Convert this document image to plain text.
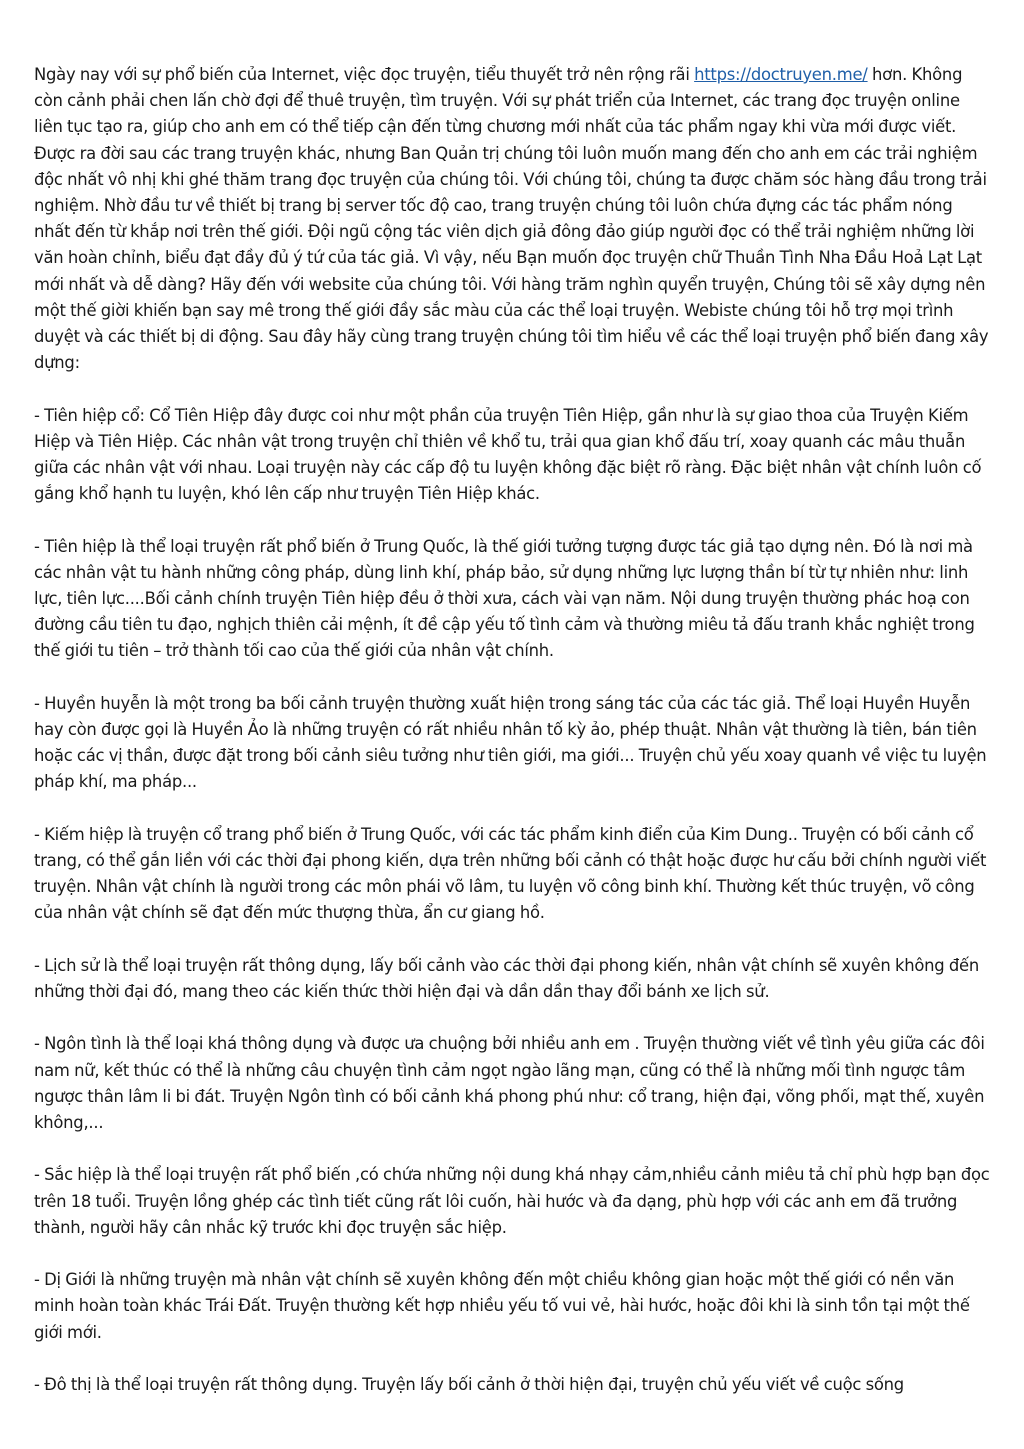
Ngày nay với sự phổ biến của Internet, việc đọc truyện, tiểu thuyết trở nên rộng rãi https://doctruyen.me/ hơn. Không còn cảnh phải chen lấn chờ đợi để thuê truyện, tìm truyện. Với sự phát triển của Internet, các trang đọc truyện online liên tục tạo ra, giúp cho anh em có thể tiếp cận đến từng chương mới nhất của tác phẩm ngay khi vừa mới được viết. Được ra đời sau các trang truyện khác, nhưng Ban Quản trị chúng tôi luôn muốn mang đến cho anh em các trải nghiệm độc nhất vô nhị khi ghé thăm trang đọc truyện của chúng tôi. Với chúng tôi, chúng ta được chăm sóc hàng đầu trong trải nghiệm. Nhờ đầu tư về thiết bị trang bị server tốc độ cao, trang truyện chúng tôi luôn chứa đựng các tác phẩm nóng nhất đến từ khắp nơi trên thế giới. Đội ngũ cộng tác viên dịch giả đông đảo giúp người đọc có thể trải nghiệm những lời văn hoàn chỉnh, biểu đạt đầy đủ ý tứ của tác giả. Vì vậy, nếu Bạn muốn đọc truyện chữ Thuần Tình Nha Đầu Hoả Lạt Lạt mới nhất và dễ dàng? Hãy đến với website của chúng tôi. Với hàng trăm nghìn quyển truyện, Chúng tôi sẽ xây dựng nên một thế giời khiến bạn say mê trong thế giới đầy sắc màu của các thể loại truyện. Webiste chúng tôi hỗ trợ mọi trình duyệt và các thiết bị di động. Sau đây hãy cùng trang truyện chúng tôi tìm hiểu về các thể loại truyện phổ biến đang xây dựng:

- Tiên hiệp cổ: Cổ Tiên Hiệp đây được coi như một phần của truyện Tiên Hiệp, gần như là sự giao thoa của Truyện Kiếm Hiệp và Tiên Hiệp. Các nhân vật trong truyện chỉ thiên về khổ tu, trải qua gian khổ đấu trí, xoay quanh các mâu thuẫn giữa các nhân vật với nhau. Loại truyện này các cấp độ tu luyện không đặc biệt rõ ràng. Đặc biệt nhân vật chính luôn cố gắng khổ hạnh tu luyện, khó lên cấp như truyện Tiên Hiệp khác.

- Tiên hiệp là thể loại truyện rất phổ biến ở Trung Quốc, là thế giới tưởng tượng được tác giả tạo dựng nên. Đó là nơi mà các nhân vật tu hành những công pháp, dùng linh khí, pháp bảo, sử dụng những lực lượng thần bí từ tự nhiên như: linh lực, tiên lực....Bối cảnh chính truyện Tiên hiệp đều ở thời xưa, cách vài vạn năm. Nội dung truyện thường phác hoạ con đường cầu tiên tu đạo, nghịch thiên cải mệnh, ít đề cập yếu tố tình cảm và thường miêu tả đấu tranh khắc nghiệt trong thế giới tu tiên – trở thành tối cao của thế giới của nhân vật chính.

- Huyền huyễn là một trong ba bối cảnh truyện thường xuất hiện trong sáng tác của các tác giả. Thể loại Huyền Huyễn hay còn được gọi là Huyền Ảo là những truyện có rất nhiều nhân tố kỳ ảo, phép thuật. Nhân vật thường là tiên, bán tiên hoặc các vị thần, được đặt trong bối cảnh siêu tưởng như tiên giới, ma giới... Truyện chủ yếu xoay quanh về việc tu luyện pháp khí, ma pháp...

- Kiếm hiệp là truyện cổ trang phổ biến ở Trung Quốc, với các tác phẩm kinh điển của Kim Dung.. Truyện có bối cảnh cổ trang, có thể gắn liền với các thời đại phong kiến, dựa trên những bối cảnh có thật hoặc được hư cấu bởi chính người viết truyện. Nhân vật chính là người trong các môn phái võ lâm, tu luyện võ công binh khí. Thường kết thúc truyện, võ công của nhân vật chính sẽ đạt đến mức thượng thừa, ẩn cư giang hồ.

- Lịch sử là thể loại truyện rất thông dụng, lấy bối cảnh vào các thời đại phong kiến, nhân vật chính sẽ xuyên không đến những thời đại đó, mang theo các kiến thức thời hiện đại và dần dần thay đổi bánh xe lịch sử.

- Ngôn tình là thể loại khá thông dụng và được ưa chuộng bởi nhiều anh em . Truyện thường viết về tình yêu giữa các đôi nam nữ, kết thúc có thể là những câu chuyện tình cảm ngọt ngào lãng mạn, cũng có thể là những mối tình ngược tâm ngược thân lâm li bi đát. Truyện Ngôn tình có bối cảnh khá phong phú như: cổ trang, hiện đại, võng phối, mạt thế, xuyên không,...

- Sắc hiệp là thể loại truyện rất phổ biến ,có chứa những nội dung khá nhạy cảm,nhiều cảnh miêu tả chỉ phù hợp bạn đọc trên 18 tuổi. Truyện lồng ghép các tình tiết cũng rất lôi cuốn, hài hước và đa dạng, phù hợp với các anh em đã trưởng thành, người hãy cân nhắc kỹ trước khi đọc truyện sắc hiệp.

- Dị Giới là những truyện mà nhân vật chính sẽ xuyên không đến một chiều không gian hoặc một thế giới có nền văn minh hoàn toàn khác Trái Đất. Truyện thường kết hợp nhiều yếu tố vui vẻ, hài hước, hoặc đôi khi là sinh tồn tại một thế giới mới.

- Đô thị là thể loại truyện rất thông dụng. Truyện lấy bối cảnh ở thời hiện đại, truyện chủ yếu viết về cuộc sống
